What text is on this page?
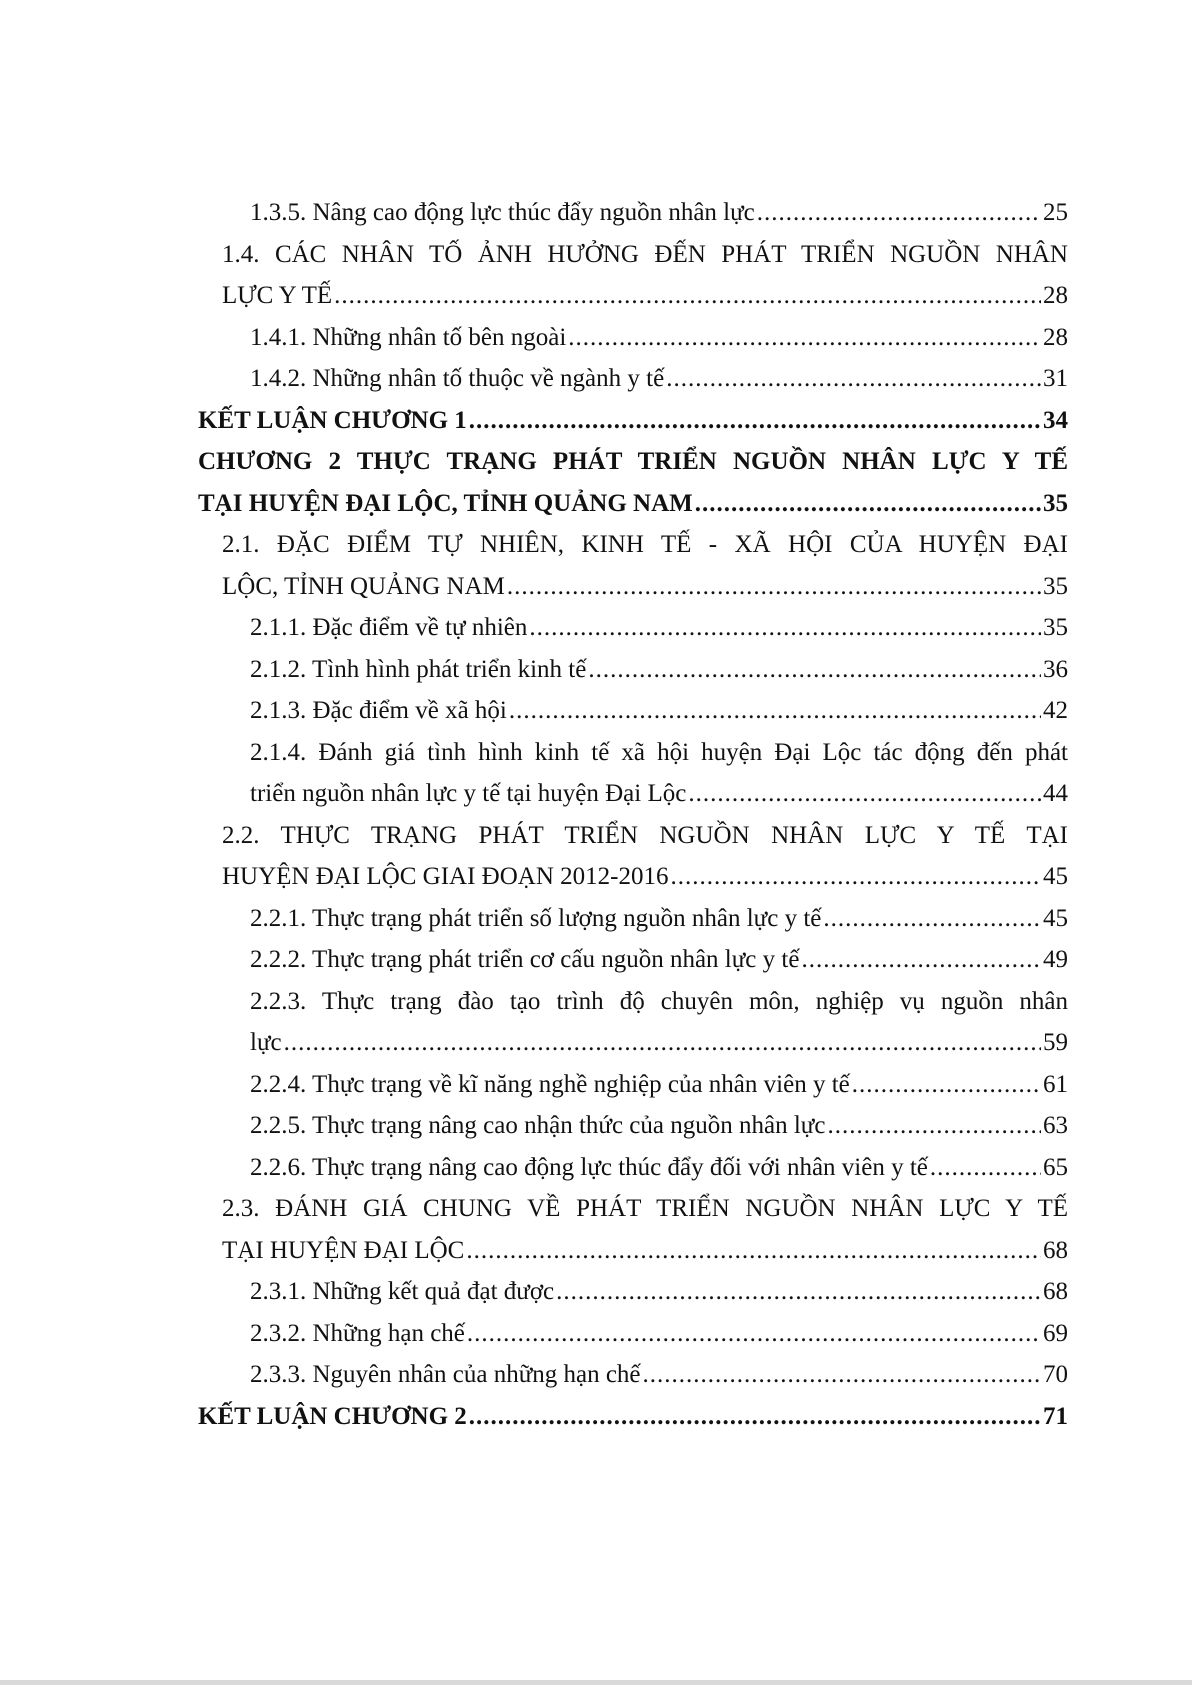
1.3.5. Nâng cao động lực thúc đẩy nguồn nhân lực .....	25
1.4. CÁC NHÂN TỐ ẢNH HƯỞNG ĐẾN PHÁT TRIỂN NGUỒN NHÂN
LỰC Y TẾ .....	28
1.4.1. Những nhân tố bên ngoài .....	28
1.4.2. Những nhân tố thuộc về ngành y tế .....	31
KẾT LUẬN CHƯƠNG 1 .....	34
CHƯƠNG 2 THỰC TRẠNG PHÁT TRIỂN NGUỒN NHÂN LỰC Y TẾ
TẠI HUYỆN ĐẠI LỘC, TỈNH QUẢNG NAM .....	35
2.1. ĐẶC ĐIỂM TỰ NHIÊN, KINH TẾ - XÃ HỘI CỦA HUYỆN ĐẠI
LỘC, TỈNH QUẢNG NAM .....	35
2.1.1. Đặc điểm về tự nhiên .....	35
2.1.2. Tình hình phát triển kinh tế .....	36
2.1.3. Đặc điểm về xã hội .....	42
2.1.4. Đánh giá tình hình kinh tế xã hội huyện Đại Lộc tác động đến phát
triển nguồn nhân lực y tế tại huyện Đại Lộc .....	44
2.2. THỰC TRẠNG PHÁT TRIỂN NGUỒN NHÂN LỰC Y TẾ TẠI
HUYỆN ĐẠI LỘC GIAI ĐOẠN 2012-2016 .....	45
2.2.1. Thực trạng phát triển số lượng nguồn nhân lực y tế .....	45
2.2.2. Thực trạng phát triển cơ cấu nguồn nhân lực y tế .....	49
2.2.3. Thực trạng đào tạo trình độ chuyên môn, nghiệp vụ nguồn nhân
lực .....	59
2.2.4. Thực trạng về kĩ năng nghề nghiệp của nhân viên y tế .....	61
2.2.5. Thực trạng nâng cao nhận thức của nguồn nhân lực .....	63
2.2.6. Thực trạng nâng cao động lực thúc đẩy đối với nhân viên y tế .....	65
2.3. ĐÁNH GIÁ CHUNG VỀ PHÁT TRIỂN NGUỒN NHÂN LỰC Y TẾ
TẠI HUYỆN ĐẠI LỘC .....	68
2.3.1. Những kết quả đạt được .....	68
2.3.2. Những hạn chế .....	69
2.3.3. Nguyên nhân của những hạn chế .....	70
KẾT LUẬN CHƯƠNG 2 .....	71
